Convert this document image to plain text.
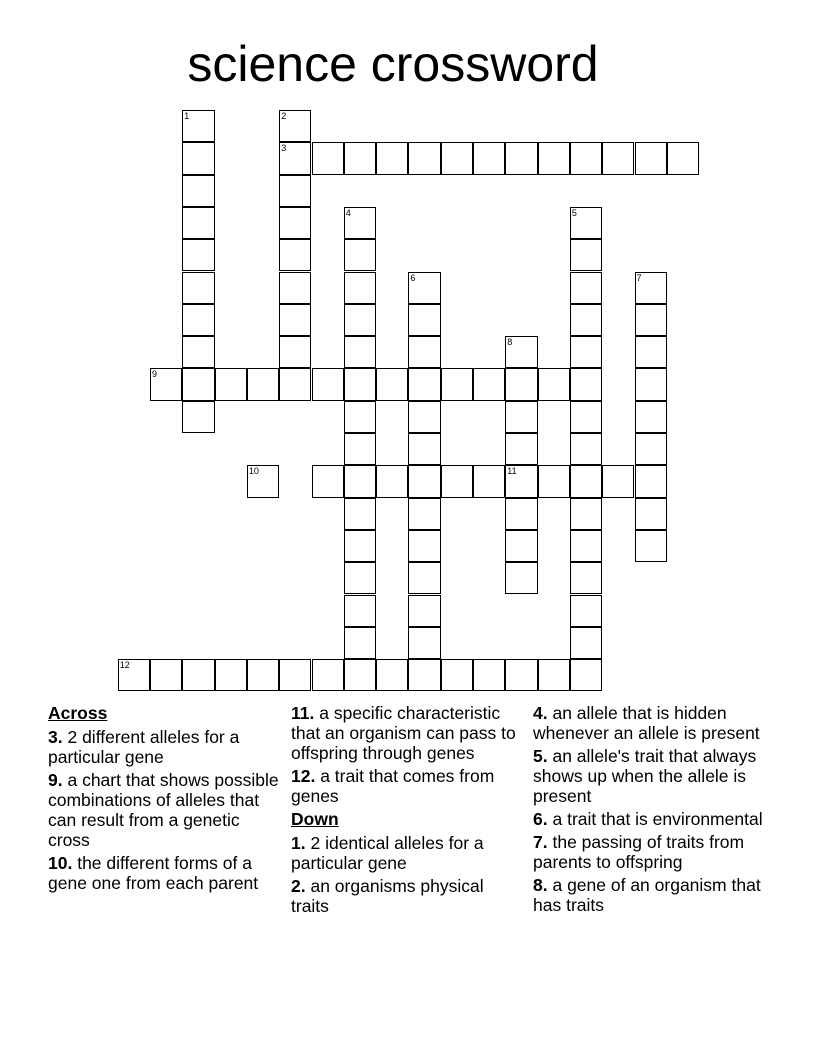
science crossword
1	2
3
4	5
6	7
8
11
9
10
12
Across
3. 2 different alleles for a particular gene
9. a chart that shows possible combinations of alleles that can result from a genetic cross
10. the different forms of a gene one from each parent
11. a specific characteristic that an organism can pass to offspring through genes
12. a trait that comes from genes
Down
1. 2 identical alleles for a particular gene
2. an organisms physical traits
4. an allele that is hidden whenever an allele is present
5. an allele's trait that always shows up when the allele is present
6. a trait that is environmental
7. the passing of traits from parents to offspring
8. a gene of an organism that has traits
